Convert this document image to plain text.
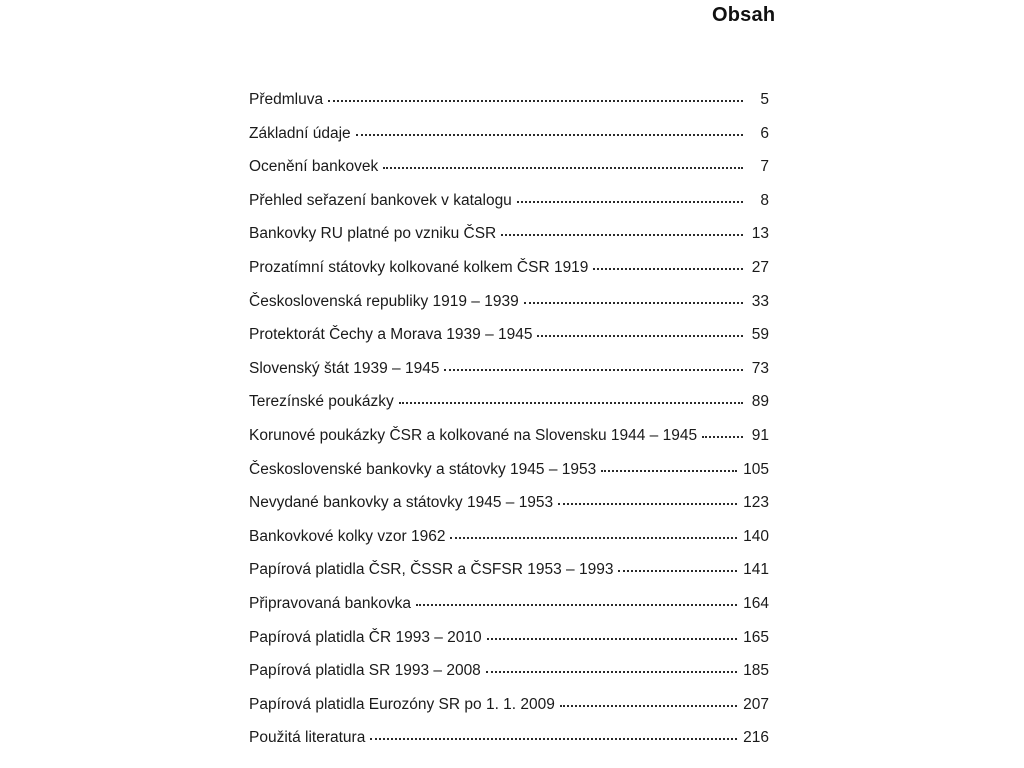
Obsah
Předmluva	5
Základní údaje	6
Ocenění bankovek	7
Přehled seřazení bankovek v katalogu	8
Bankovky RU platné po vzniku ČSR	13
Prozatímní státovky kolkované kolkem ČSR 1919	27
Československá republiky 1919 – 1939	33
Protektorát Čechy a Morava 1939 – 1945	59
Slovenský štát 1939 – 1945	73
Terezínské poukázky	89
Korunové poukázky ČSR a kolkované na Slovensku 1944 – 1945	91
Československé bankovky a státovky 1945 – 1953	105
Nevydané bankovky a státovky 1945 – 1953	123
Bankovkové kolky vzor 1962	140
Papírová platidla ČSR, ČSSR a ČSFSR 1953 – 1993	141
Připravovaná bankovka	164
Papírová platidla ČR 1993 – 2010	165
Papírová platidla SR 1993 – 2008	185
Papírová platidla Eurozóny SR po 1. 1. 2009	207
Použitá literatura	216
